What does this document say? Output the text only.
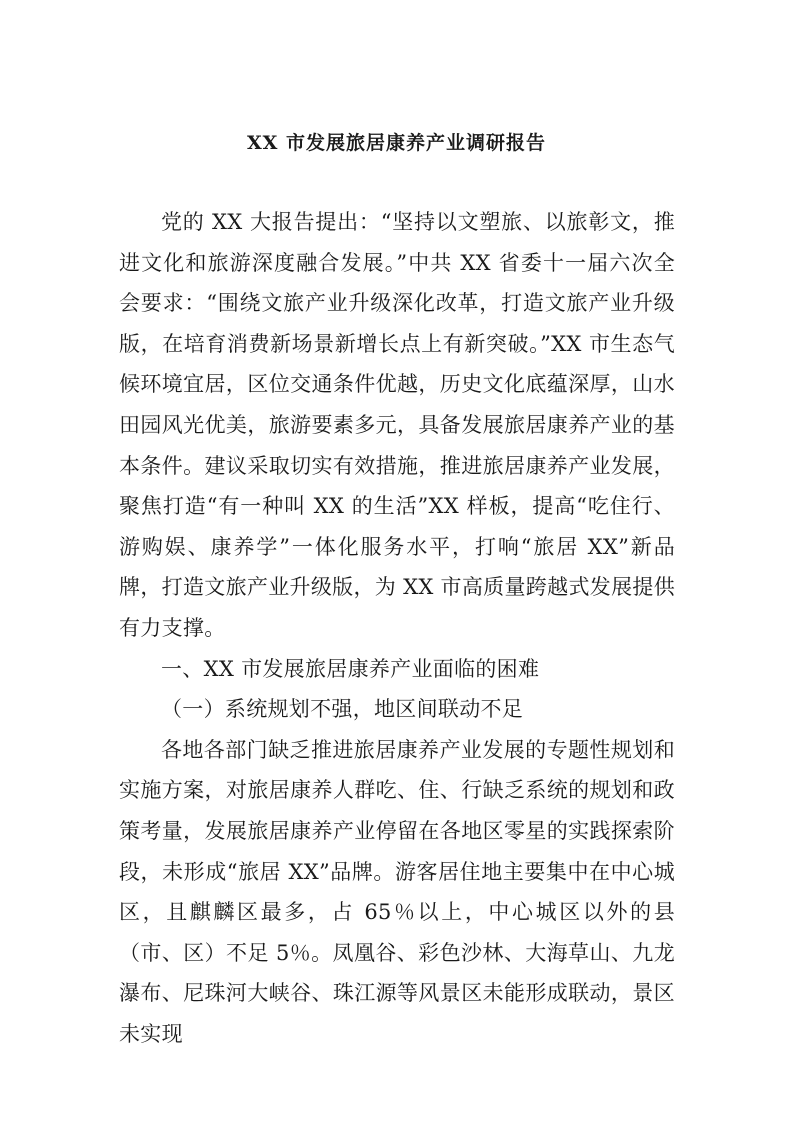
XX 市发展旅居康养产业调研报告

党的 XX 大报告提出：“坚持以文塑旅、以旅彰文，推进文化和旅游深度融合发展。”中共 XX 省委十一届六次全会要求：“围绕文旅产业升级深化改革，打造文旅产业升级版，在培育消费新场景新增长点上有新突破。”XX 市生态气候环境宜居，区位交通条件优越，历史文化底蕴深厚，山水田园风光优美，旅游要素多元，具备发展旅居康养产业的基本条件。建议采取切实有效措施，推进旅居康养产业发展，聚焦打造“有一种叫 XX 的生活”XX 样板，提高“吃住行、游购娱、康养学”一体化服务水平，打响“旅居 XX”新品牌，打造文旅产业升级版，为 XX 市高质量跨越式发展提供有力支撑。

一、XX 市发展旅居康养产业面临的困难

（一）系统规划不强，地区间联动不足

各地各部门缺乏推进旅居康养产业发展的专题性规划和实施方案，对旅居康养人群吃、住、行缺乏系统的规划和政策考量，发展旅居康养产业停留在各地区零星的实践探索阶段，未形成“旅居 XX”品牌。游客居住地主要集中在中心城区，且麒麟区最多，占 65％以上，中心城区以外的县（市、区）不足 5％。凤凰谷、彩色沙林、大海草山、九龙瀑布、尼珠河大峡谷、珠江源等风景区未能形成联动，景区未实现
